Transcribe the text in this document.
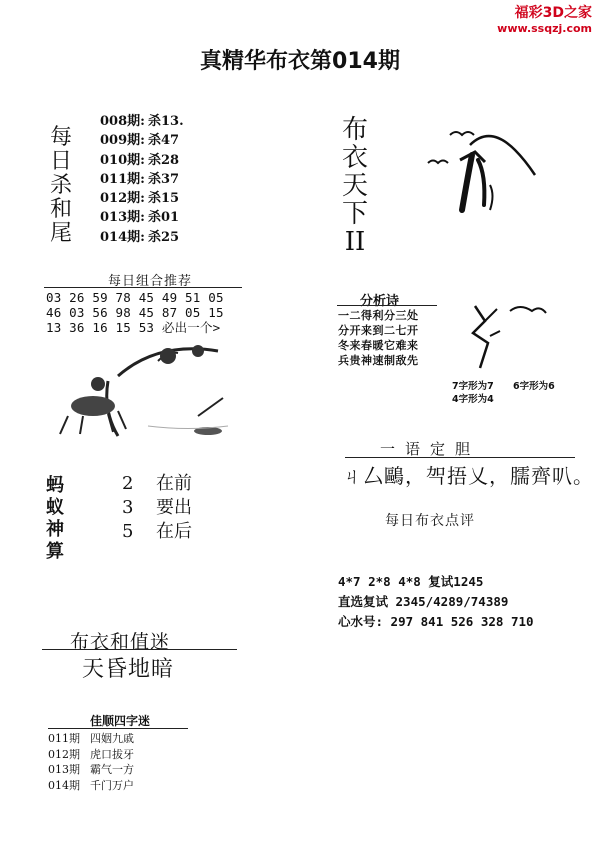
福彩3D之家
www.ssqzj.com
真精华布衣第014期
每
日
杀
和
尾
008期: 杀13.
009期: 杀47
010期: 杀28
011期: 杀37
012期: 杀15
013期: 杀01
014期: 杀25
布
衣
天
下
II
每日组合推荐
03 26 59 78 45 49 51 05
46 03 56 98 45 87 05 15
13 36 16 15 53 必出一个>
分析诗
一二得利分三处
分开来到二七开
冬来春暖它难来
兵贵神速制敌先
7字形为7 6字形为6
4字形为4
一语定胆
ㄐ厶鷗，㔖捂乂，臑齊叭。
每日布衣点评
4*7 2*8 4*8 复试1245
直选复试 2345/4289/74389
心水号: 297 841 526 328 710
蚂
蚁
神
算
2 在前
3 要出
5 在后
布衣和值迷
天昏地暗
佳顺四字迷
011期 四姻九戚
012期 虎口拔牙
013期 霸气一方
014期 千门万户
